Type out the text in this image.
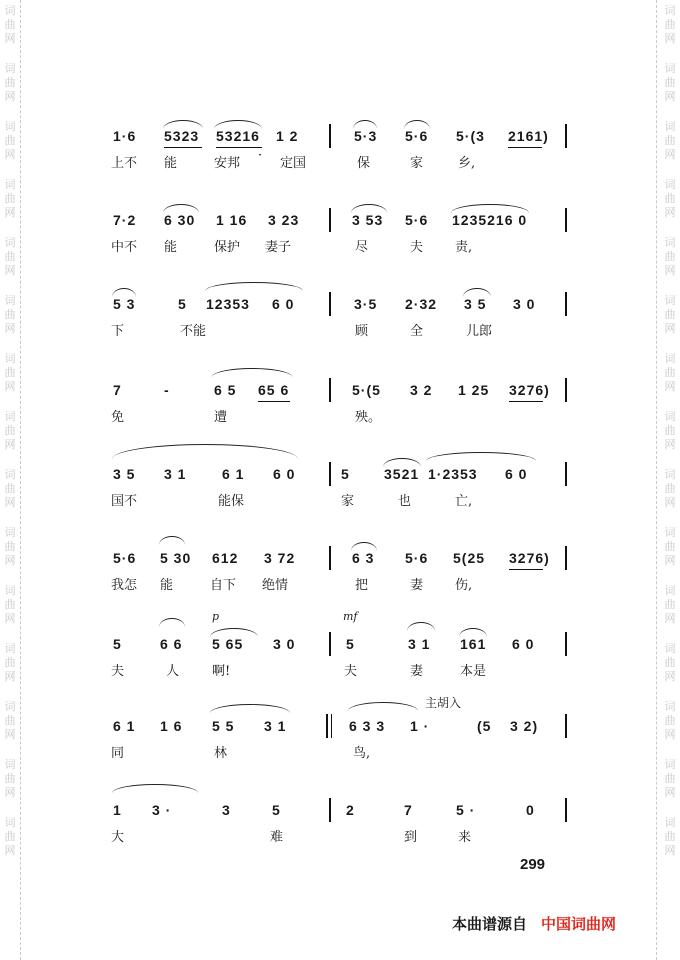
词
曲
网
词
曲
网
词
曲
网
词
曲
网
词
曲
网
词
曲
网
词
曲
网
词
曲
网
词
曲
网
词
曲
网
词
曲
网
词
曲
网
词
曲
网
词
曲
网
词
曲
网
词
曲
网
词
曲
网
词
曲
网
词
曲
网
词
曲
网
词
曲
网
词
曲
网
词
曲
网
词
曲
网
词
曲
网
词
曲
网
词
曲
网
词
曲
网
词
曲
网
词
曲
网
1·6 5323 53216 1 2	5·3 5·6 5·(3 2161)
上不 能	安邦
·
定国	保	家	乡,
7·2 6 30 1 16 3 23	3 53 5·6 1235216 0
中不 能	保护 妻子	尽	夫 责,
5 3	5 12353 6 0	3·5 2·32 3 5 3 0
下	不能	顾	全	儿郎
7	-	6 5 65 6	5·(5 3 2 1 25 3276)
免	遭	殃。
3 5 3 1	6 1 6 0	5 3521 1·2353 6 0
国不	能保	家	也	亡,
5·6 5 30 612 3 72	6 3 5·6 5(25 3276)
我怎 能	自下 绝情	把	妻 伤,
p	mf
5	6 6 5 65 3 0	5	3 1 161 6 0
夫	人	啊!	夫	妻	本是
主胡入
6 1 1 6 5 5 3 1	6 3 3 1 ·	(5 3 2)
同	林	鸟,
1 3 ·	3	5	2	7	5 ·	0
大	难	到	来
299
本曲谱源自 中国词曲网
